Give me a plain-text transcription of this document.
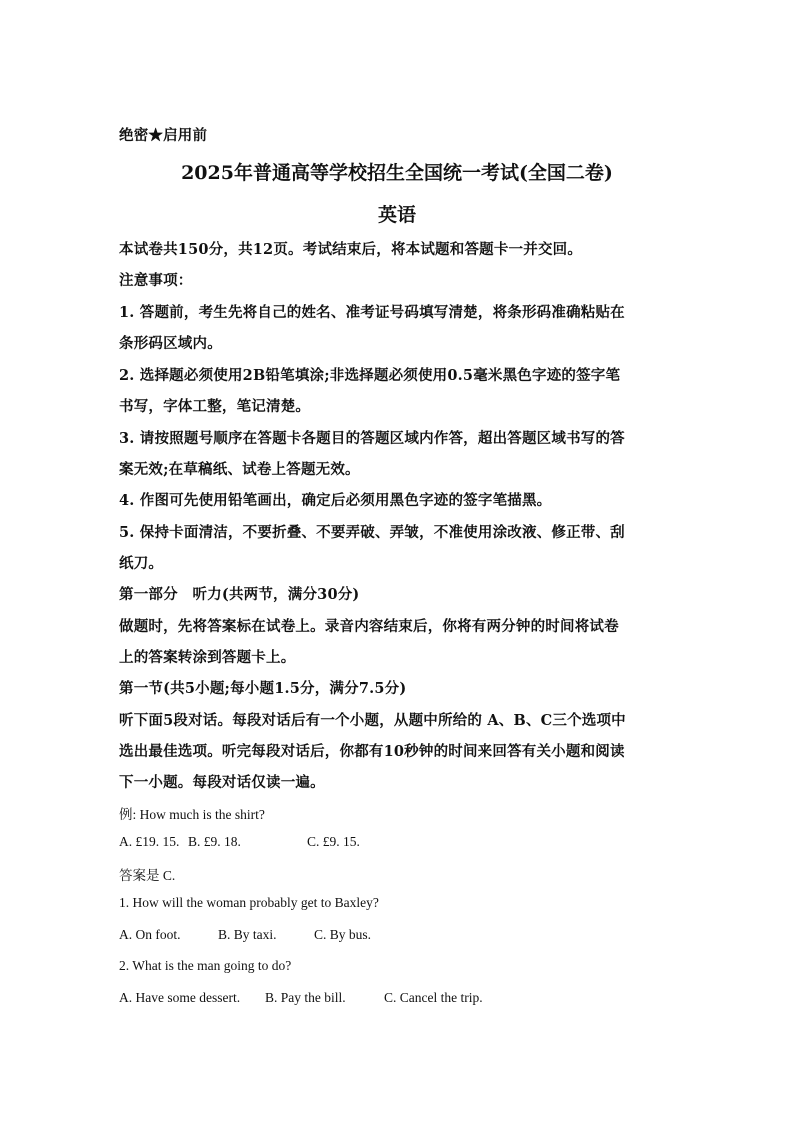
绝密★启用前
2025年普通高等学校招生全国统一考试(全国二卷)
英语
本试卷共150分，共12页。考试结束后，将本试题和答题卡一并交回。
注意事项：
1. 答题前，考生先将自己的姓名、准考证号码填写清楚，将条形码准确粘贴在
条形码区域内。
2. 选择题必须使用2B铅笔填涂;非选择题必须使用0.5毫米黑色字迹的签字笔
书写，字体工整，笔记清楚。
3. 请按照题号顺序在答题卡各题目的答题区域内作答，超出答题区域书写的答
案无效;在草稿纸、试卷上答题无效。
4. 作图可先使用铅笔画出，确定后必须用黑色字迹的签字笔描黑。
5. 保持卡面清洁，不要折叠、不要弄破、弄皱，不准使用涂改液、修正带、刮
纸刀。
第一部分　听力(共两节，满分30分)
做题时，先将答案标在试卷上。录音内容结束后，你将有两分钟的时间将试卷
上的答案转涂到答题卡上。
第一节(共5小题;每小题1.5分，满分7.5分)
听下面5段对话。每段对话后有一个小题，从题中所给的 A、B、C三个选项中
选出最佳选项。听完每段对话后，你都有10秒钟的时间来回答有关小题和阅读
下一小题。每段对话仅读一遍。
例: How much is the shirt?
A. £19. 15. B. £9. 18.	C. £9. 15.
答案是 C.
1. How will the woman probably get to Baxley?
A. On foot.	B. By taxi.	C. By bus.
2. What is the man going to do?
A. Have some dessert. B. Pay the bill.	C. Cancel the trip.
